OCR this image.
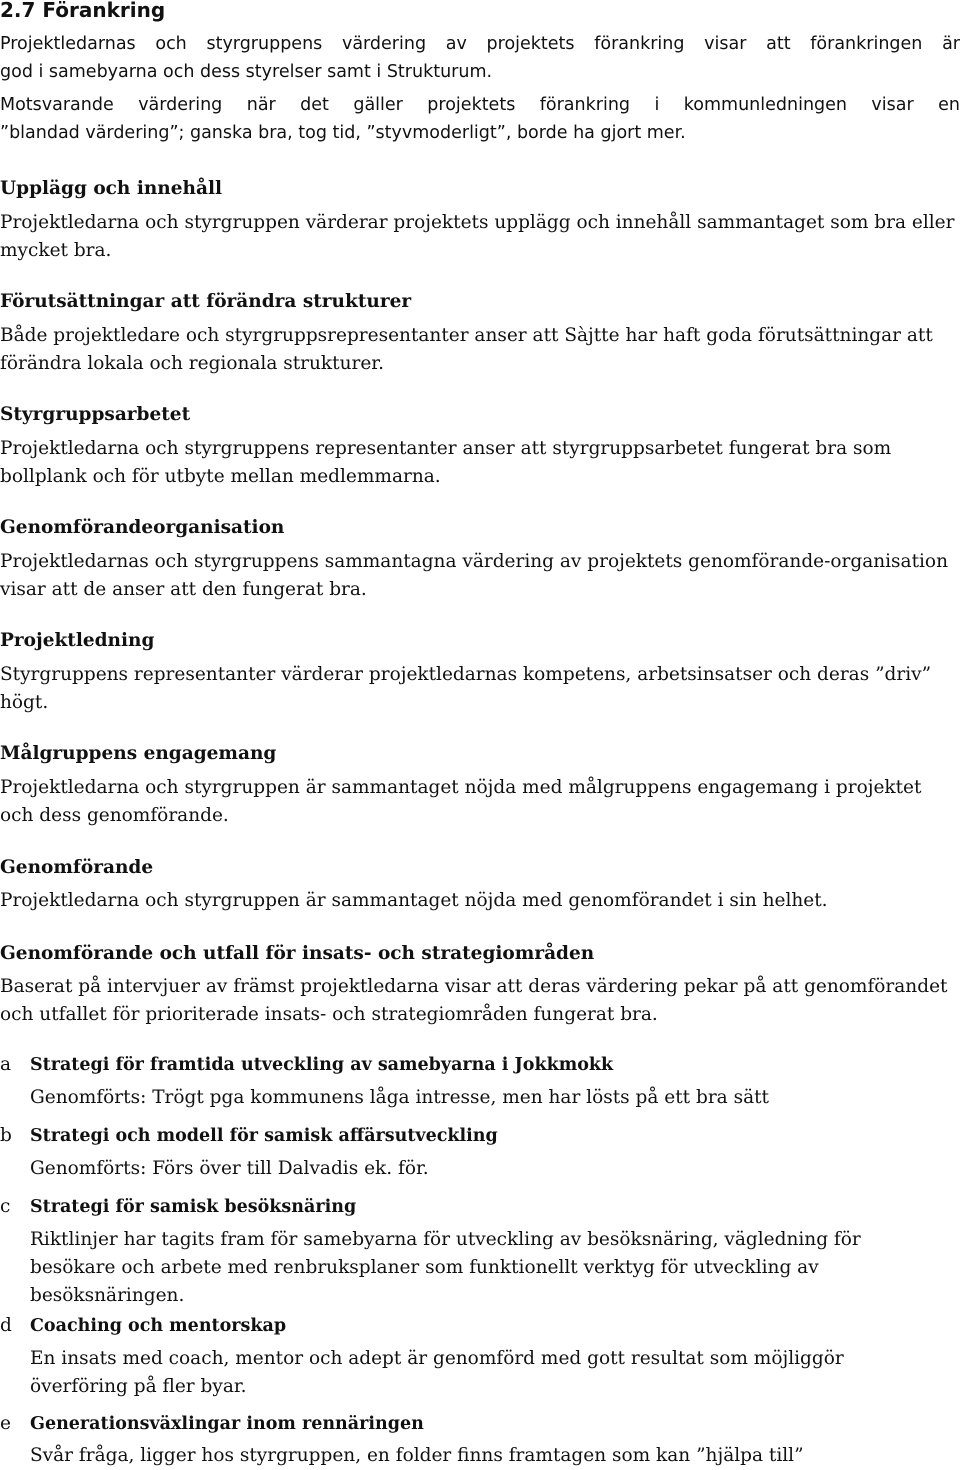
2.7 Förankring

Projektledarnas och styrgruppens värdering av projektets förankring visar att förankringen är
god i samebyarna och dess styrelser samt i Strukturum.

Motsvarande värdering när det gäller projektets förankring i kommunledningen visar en
”blandad värdering”; ganska bra, tog tid, ”styvmoderligt”, borde ha gjort mer.

Upplägg och innehåll

Projektledarna och styrgruppen värderar projektets upplägg och innehåll sammantaget som bra eller mycket bra.

Förutsättningar att förändra strukturer

Både projektledare och styrgruppsrepresentanter anser att Sàjtte har haft goda förutsättningar att förändra lokala och regionala strukturer.

Styrgruppsarbetet

Projektledarna och styrgruppens representanter anser att styrgruppsarbetet fungerat bra som bollplank och för utbyte mellan medlemmarna.

Genomförandeorganisation

Projektledarnas och styrgruppens sammantagna värdering av projektets genomförande-organisation visar att de anser att den fungerat bra.

Projektledning

Styrgruppens representanter värderar projektledarnas kompetens, arbetsinsatser och deras ”driv” högt.

Målgruppens engagemang

Projektledarna och styrgruppen är sammantaget nöjda med målgruppens engagemang i projektet och dess genomförande.

Genomförande

Projektledarna och styrgruppen är sammantaget nöjda med genomförandet i sin helhet.

Genomförande och utfall för insats- och strategiområden

Baserat på intervjuer av främst projektledarna visar att deras värdering pekar på att genomförandet och utfallet för prioriterade insats- och strategiområden fungerat bra.

a Strategi för framtida utveckling av samebyarna i Jokkmokk

Genomförts: Trögt pga kommunens låga intresse, men har lösts på ett bra sätt

b Strategi och modell för samisk affärsutveckling

Genomförts: Förs över till Dalvadis ek. för.

c Strategi för samisk besöksnäring

Riktlinjer har tagits fram för samebyarna för utveckling av besöksnäring, vägledning för besökare och arbete med renbruksplaner som funktionellt verktyg för utveckling av besöksnäringen.

d Coaching och mentorskap

En insats med coach, mentor och adept är genomförd med gott resultat som möjliggör överföring på fler byar.

e Generationsväxlingar inom rennäringen

Svår fråga, ligger hos styrgruppen, en folder finns framtagen som kan ”hjälpa till”
